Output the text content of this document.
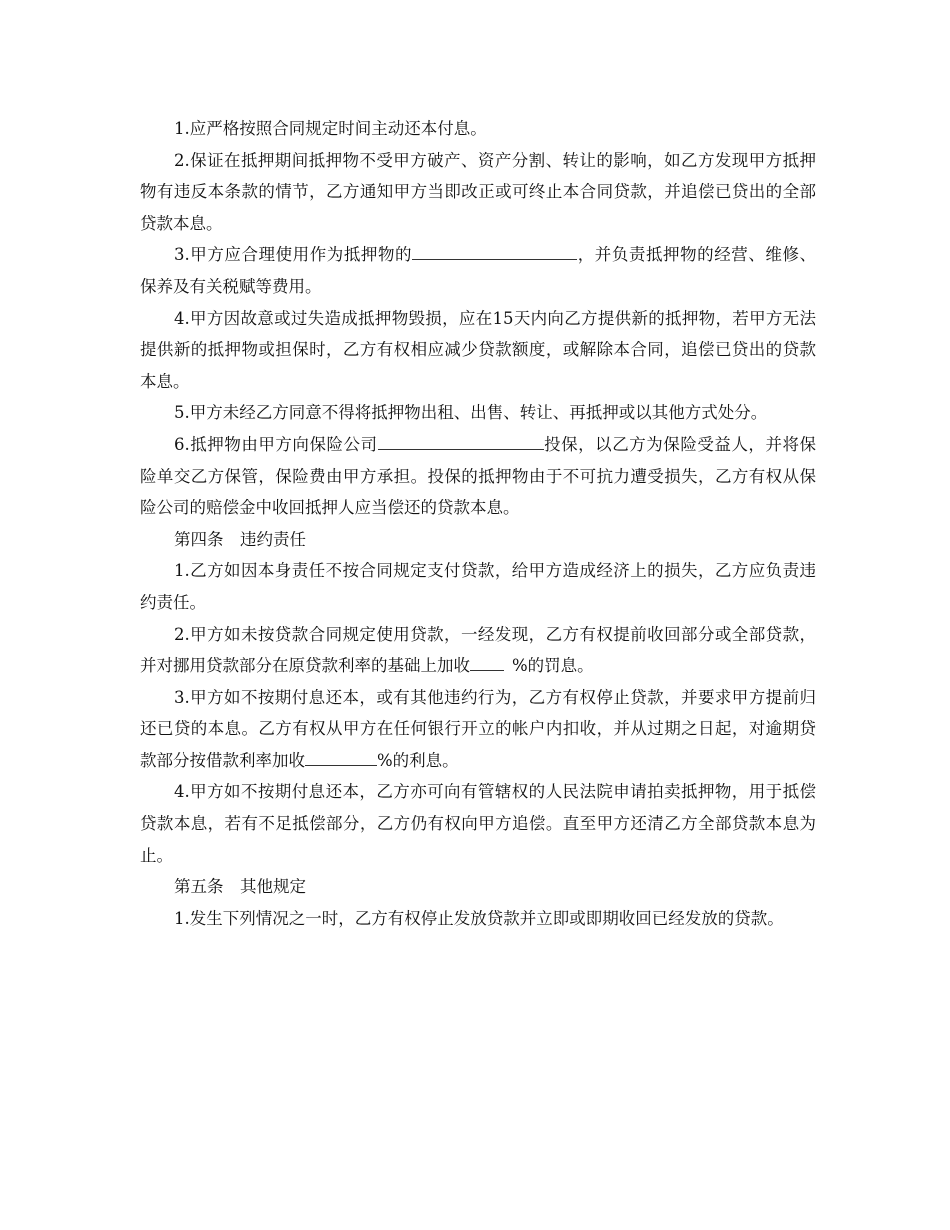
1.应严格按照合同规定时间主动还本付息。

2.保证在抵押期间抵押物不受甲方破产、资产分割、转让的影响，如乙方发现甲方抵押物有违反本条款的情节，乙方通知甲方当即改正或可终止本合同贷款，并追偿已贷出的全部贷款本息。

3.甲方应合理使用作为抵押物的	，并负责抵押物的经营、维修、保养及有关税赋等费用。

4.甲方因故意或过失造成抵押物毁损，应在15天内向乙方提供新的抵押物，若甲方无法提供新的抵押物或担保时，乙方有权相应减少贷款额度，或解除本合同，追偿已贷出的贷款本息。

5.甲方未经乙方同意不得将抵押物出租、出售、转让、再抵押或以其他方式处分。

6.抵押物由甲方向保险公司	投保，以乙方为保险受益人，并将保险单交乙方保管，保险费由甲方承担。投保的抵押物由于不可抗力遭受损失，乙方有权从保险公司的赔偿金中收回抵押人应当偿还的贷款本息。

第四条　违约责任

1.乙方如因本身责任不按合同规定支付贷款，给甲方造成经济上的损失，乙方应负责违约责任。

2.甲方如未按贷款合同规定使用贷款，一经发现，乙方有权提前收回部分或全部贷款，并对挪用贷款部分在原贷款利率的基础上加收	%的罚息。

3.甲方如不按期付息还本，或有其他违约行为，乙方有权停止贷款，并要求甲方提前归还已贷的本息。乙方有权从甲方在任何银行开立的帐户内扣收，并从过期之日起，对逾期贷款部分按借款利率加收	%的利息。

4.甲方如不按期付息还本，乙方亦可向有管辖权的人民法院申请拍卖抵押物，用于抵偿贷款本息，若有不足抵偿部分，乙方仍有权向甲方追偿。直至甲方还清乙方全部贷款本息为止。

第五条　其他规定

1.发生下列情况之一时，乙方有权停止发放贷款并立即或即期收回已经发放的贷款。
